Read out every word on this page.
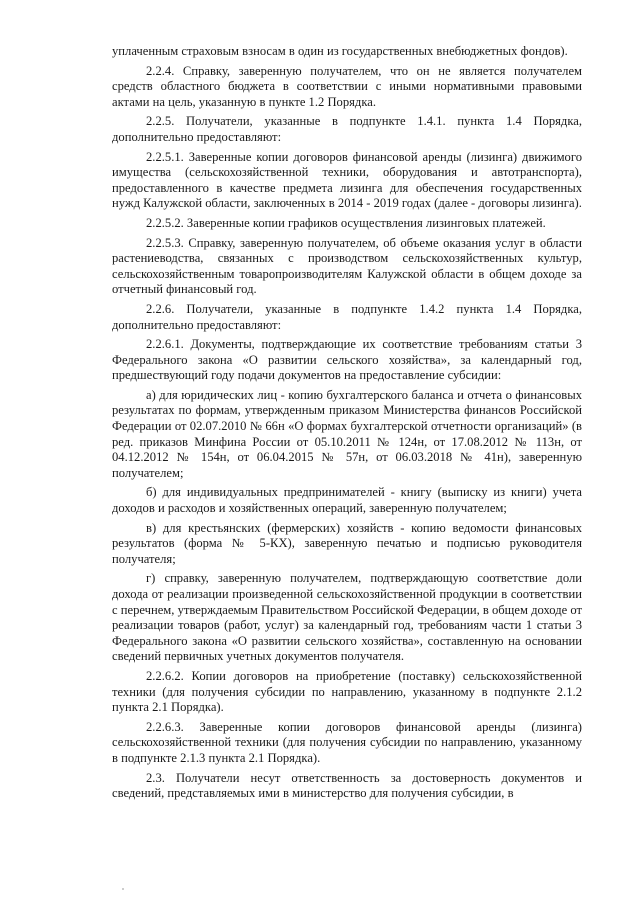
уплаченным страховым взносам в один из государственных внебюджетных фондов).

2.2.4. Справку, заверенную получателем, что он не является получателем средств областного бюджета в соответствии с иными нормативными правовыми актами на цель, указанную в пункте 1.2 Порядка.

2.2.5. Получатели, указанные в подпункте 1.4.1. пункта 1.4 Порядка, дополнительно предоставляют:

2.2.5.1. Заверенные копии договоров финансовой аренды (лизинга) движимого имущества (сельскохозяйственной техники, оборудования и автотранспорта), предоставленного в качестве предмета лизинга для обеспечения государственных нужд Калужской области, заключенных в 2014 - 2019 годах (далее - договоры лизинга).

2.2.5.2. Заверенные копии графиков осуществления лизинговых платежей.

2.2.5.3. Справку, заверенную получателем, об объеме оказания услуг в области растениеводства, связанных с производством сельскохозяйственных культур, сельскохозяйственным товаропроизводителям Калужской области в общем доходе за отчетный финансовый год.

2.2.6. Получатели, указанные в подпункте 1.4.2 пункта 1.4 Порядка, дополнительно предоставляют:

2.2.6.1. Документы, подтверждающие их соответствие требованиям статьи 3 Федерального закона «О развитии сельского хозяйства», за календарный год, предшествующий году подачи документов на предоставление субсидии:

а) для юридических лиц - копию бухгалтерского баланса и отчета о финансовых результатах по формам, утвержденным приказом Министерства финансов Российской Федерации от 02.07.2010 № 66н «О формах бухгалтерской отчетности организаций» (в ред. приказов Минфина России от 05.10.2011 № 124н, от 17.08.2012 № 113н, от 04.12.2012 № 154н, от 06.04.2015 № 57н, от 06.03.2018 № 41н), заверенную получателем;

б) для индивидуальных предпринимателей - книгу (выписку из книги) учета доходов и расходов и хозяйственных операций, заверенную получателем;

в) для крестьянских (фермерских) хозяйств - копию ведомости финансовых результатов (форма № 5-КХ), заверенную печатью и подписью руководителя получателя;

г) справку, заверенную получателем, подтверждающую соответствие доли дохода от реализации произведенной сельскохозяйственной продукции в соответствии с перечнем, утверждаемым Правительством Российской Федерации, в общем доходе от реализации товаров (работ, услуг) за календарный год, требованиям части 1 статьи 3 Федерального закона «О развитии сельского хозяйства», составленную на основании сведений первичных учетных документов получателя.

2.2.6.2. Копии договоров на приобретение (поставку) сельскохозяйственной техники (для получения субсидии по направлению, указанному в подпункте 2.1.2 пункта 2.1 Порядка).

2.2.6.3. Заверенные копии договоров финансовой аренды (лизинга) сельскохозяйственной техники (для получения субсидии по направлению, указанному в подпункте 2.1.3 пункта 2.1 Порядка).

2.3. Получатели несут ответственность за достоверность документов и сведений, представляемых ими в министерство для получения субсидии, в
